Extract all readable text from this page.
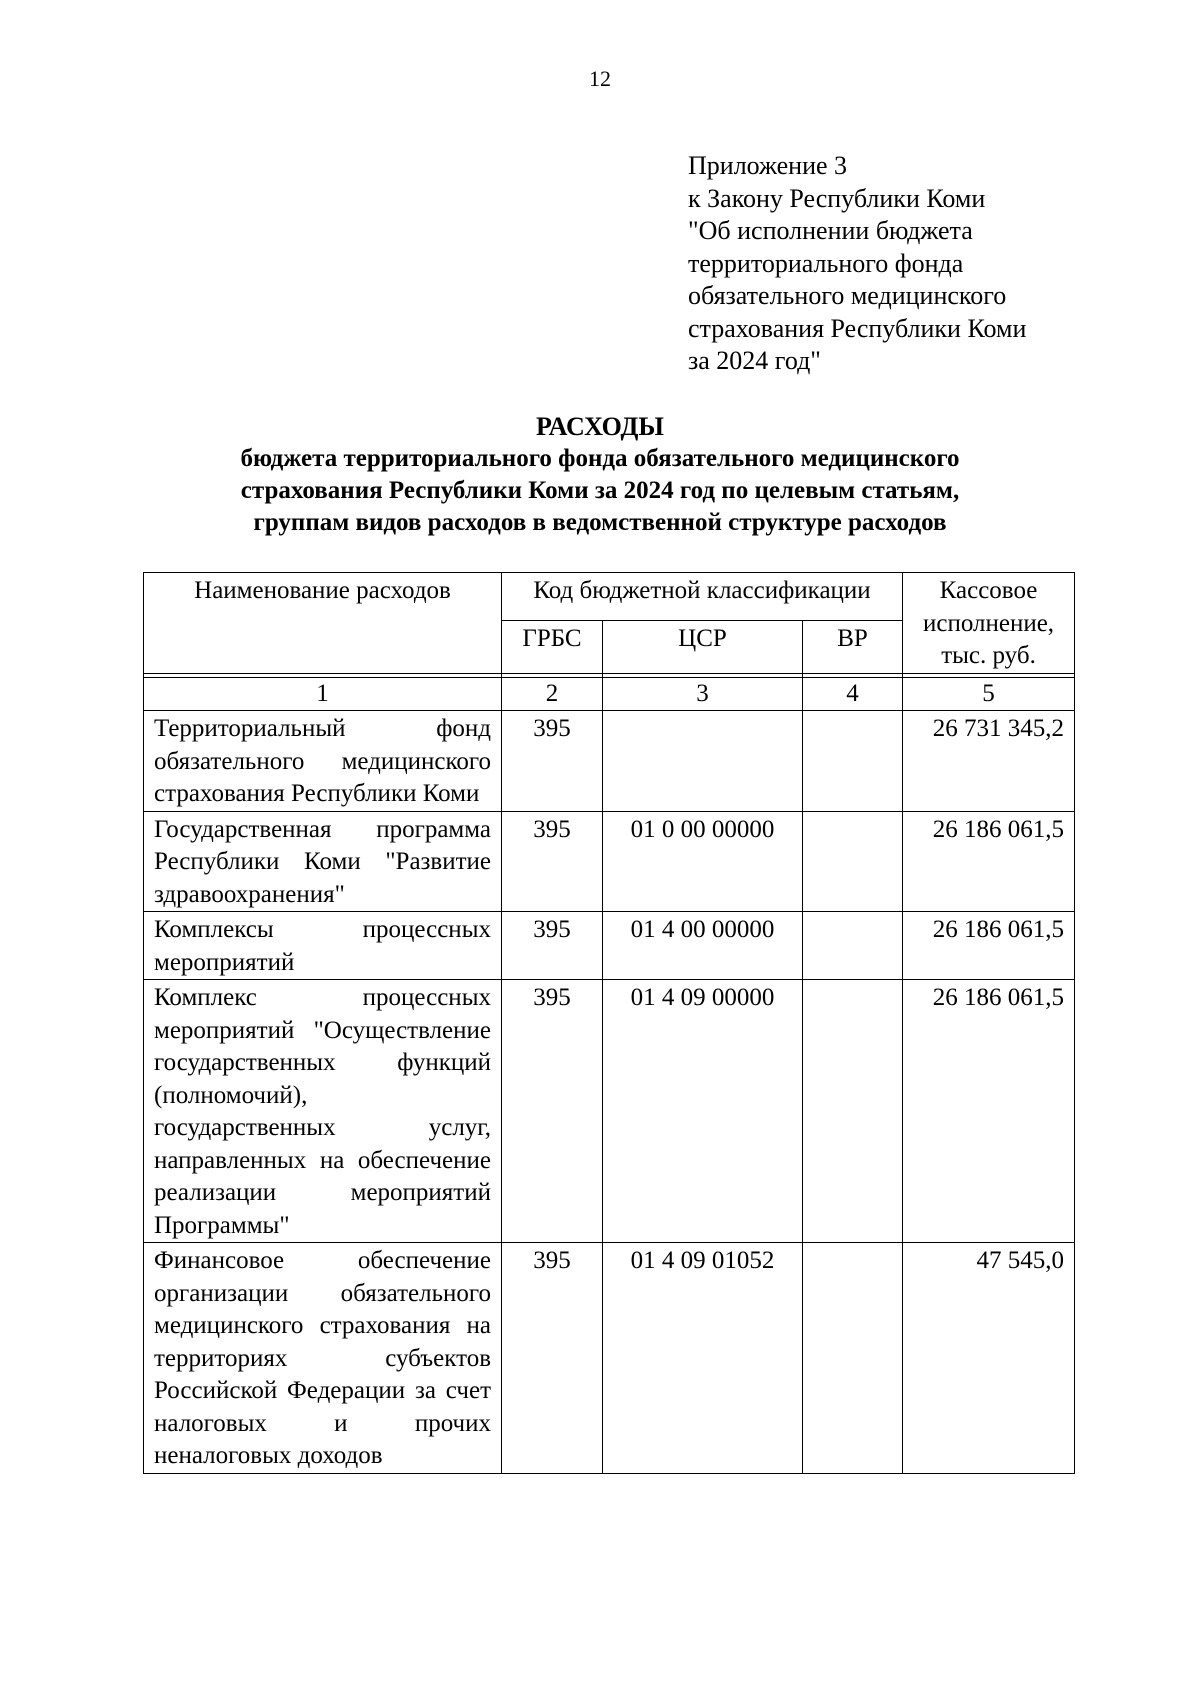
12
Приложение 3
к Закону Республики Коми
"Об исполнении бюджета
территориального фонда
обязательного медицинского
страхования Республики Коми
за 2024 год"
РАСХОДЫ
бюджета территориального фонда обязательного медицинского
страхования Республики Коми за 2024 год по целевым статьям,
группам видов расходов в ведомственной структуре расходов
Наименование расходов	Код бюджетной классификации			Кассовое исполнение, тыс. руб.
	ГРБС	ЦСР	ВР	

1	2	3	4	5
Территориальный фонд обязательного медицинского страхования Республики Коми	395			26 731 345,2
Государственная программа Республики Коми "Развитие здравоохранения"	395	01 0 00 00000		26 186 061,5
Комплексы процессных мероприятий	395	01 4 00 00000		26 186 061,5
Комплекс процессных мероприятий "Осуществление государственных функций (полномочий), государственных услуг, направленных на обеспечение реализации мероприятий Программы"	395	01 4 09 00000		26 186 061,5
Финансовое обеспечение организации обязательного медицинского страхования на территориях субъектов Российской Федерации за счет налоговых и прочих неналоговых доходов	395	01 4 09 01052		47 545,0
